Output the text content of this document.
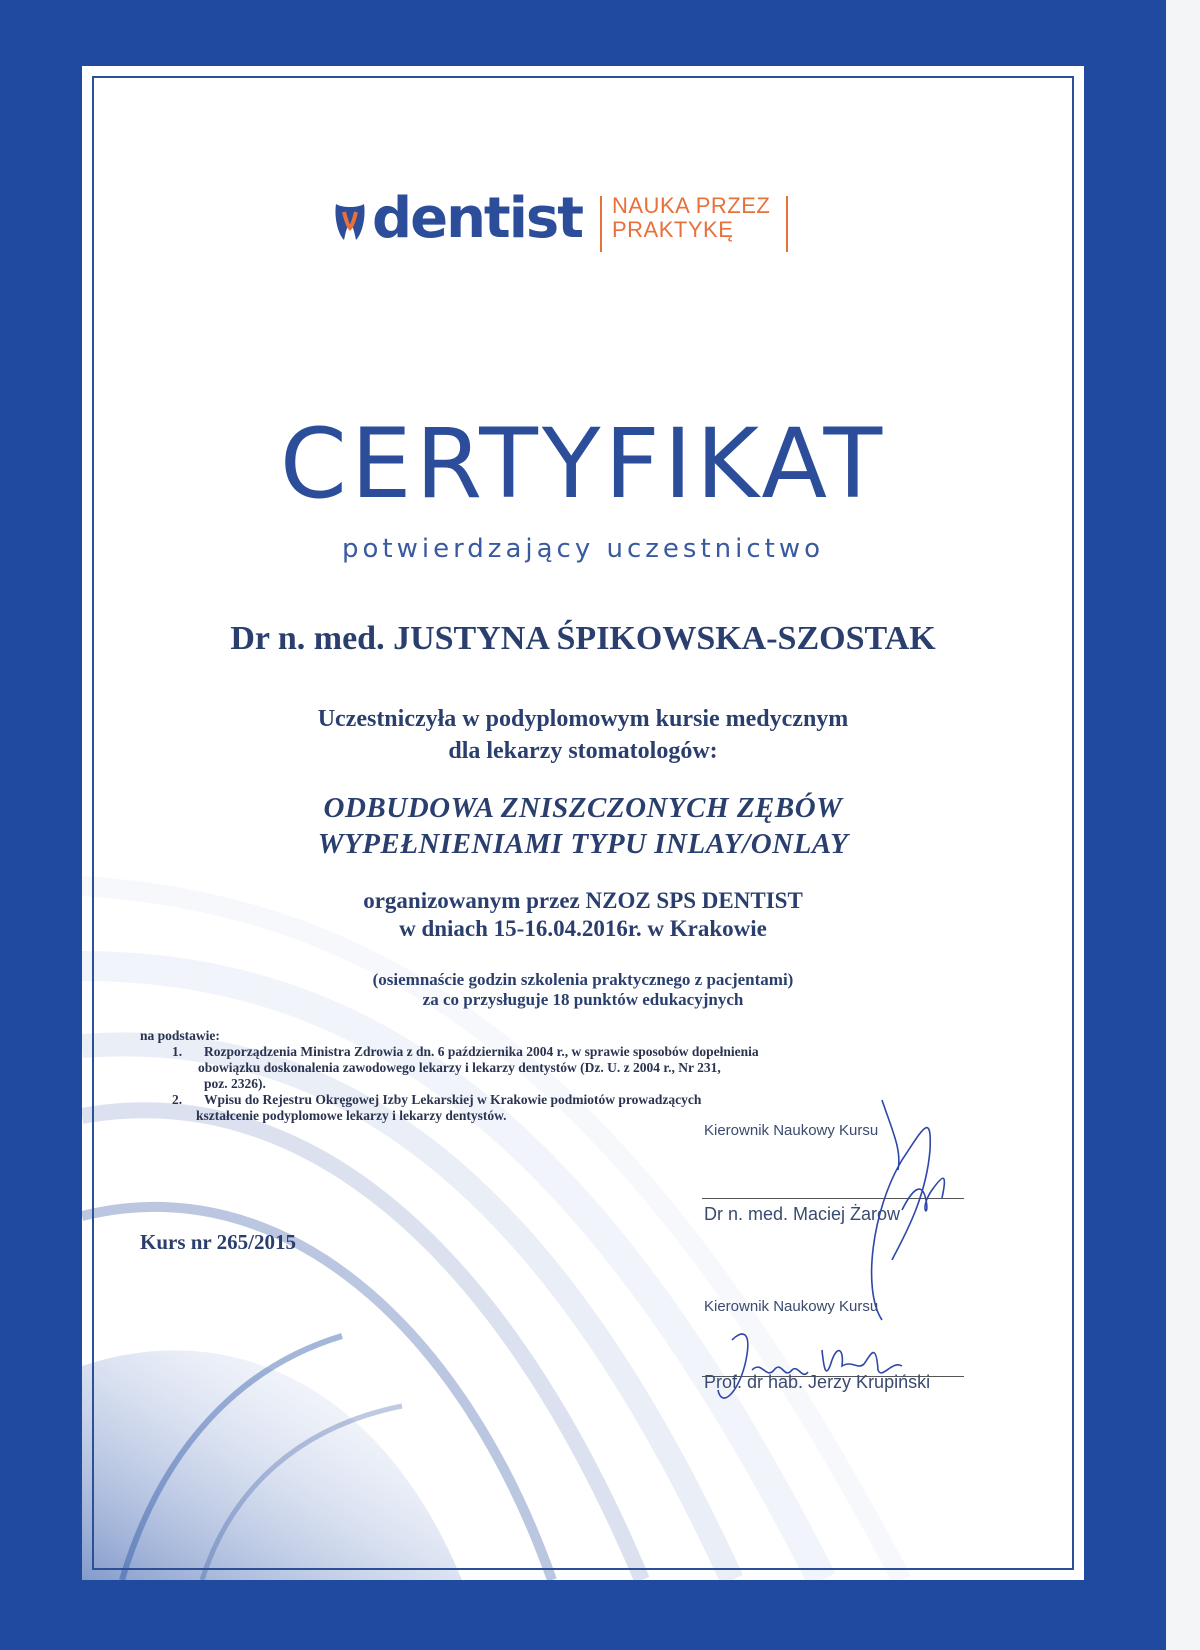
dentist NAUKA PRZEZ
PRAKTYKĘ
CERTYFIKAT
potwierdzający uczestnictwo
Dr n. med. JUSTYNA ŚPIKOWSKA-SZOSTAK
Uczestniczyła w podyplomowym kursie medycznym
dla lekarzy stomatologów:
ODBUDOWA ZNISZCZONYCH ZĘBÓW
WYPEŁNIENIAMI TYPU INLAY/ONLAY
organizowanym przez NZOZ SPS DENTIST
w dniach 15-16.04.2016r. w Krakowie
(osiemnaście godzin szkolenia praktycznego z pacjentami)
za co przysługuje 18 punktów edukacyjnych
na podstawie:
1. Rozporządzenia Ministra Zdrowia z dn. 6 października 2004 r., w sprawie sposobów dopełnienia
obowiązku doskonalenia zawodowego lekarzy i lekarzy dentystów (Dz. U. z 2004 r., Nr 231,
poz. 2326).
2. Wpisu do Rejestru Okręgowej Izby Lekarskiej w Krakowie podmiotów prowadzących
kształcenie podyplomowe lekarzy i lekarzy dentystów.
Kurs nr 265/2015
Kierownik Naukowy Kursu
Dr n. med. Maciej Żarow
Kierownik Naukowy Kursu
Prof. dr hab. Jerzy Krupiński
